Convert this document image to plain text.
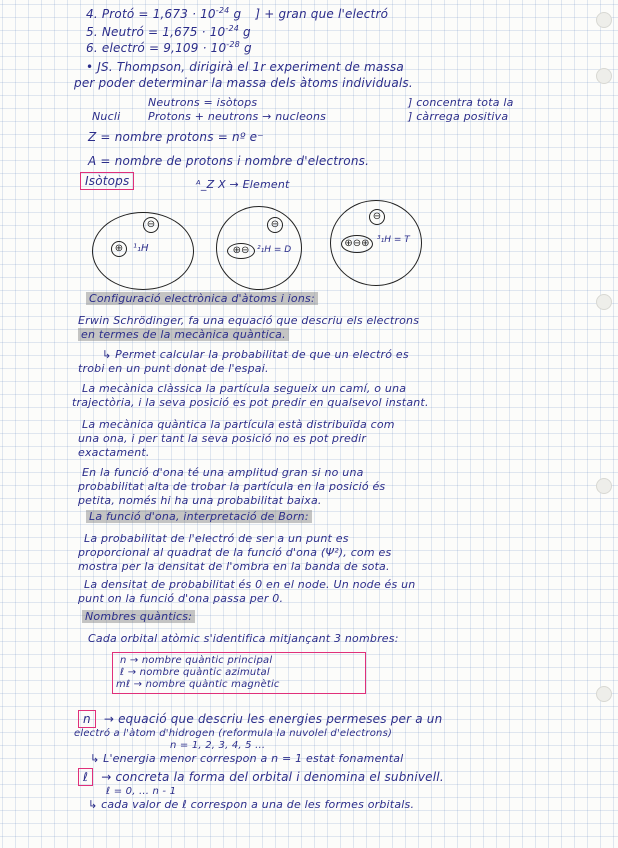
4. Protó = $1,673 \cdot 10^{-24}$ g ] + gran que l'electró
5. Neutró = $1,675 \cdot 10^{-24}$ g
6. electró = $9,109 \cdot 10^{-28}$ g
• JS. Thompson, dirigirà el 1r experiment de massa
per poder determinar la massa dels àtoms individuals.
Neutrons = isòtops	] concentra tota la
Nucli	Protons + neutrons → nucleons	] càrrega positiva
Z = nombre protons = nº e⁻
A = nombre de protons i nombre d'electrons.
Isòtops	ᴬ_Z X → Element
⊖
⊕ ¹₁H
⊖
⊕⊖ ²₁H = D
⊖
⊕⊖⊕ ³₁H = T
Configuració electrònica d'àtoms i ions:
Erwin Schrödinger, fa una equació que descriu els electrons
en termes de la mecànica quàntica.
↳ Permet calcular la probabilitat de que un electró es
trobi en un punt donat de l'espai.
La mecànica clàssica la partícula segueix un camí, o una
trajectòria, i la seva posició es pot predir en qualsevol instant.
La mecànica quàntica la partícula està distribuïda com
una ona, i per tant la seva posició no es pot predir
exactament.
En la funció d'ona té una amplitud gran si no una
probabilitat alta de trobar la partícula en la posició és
petita, només hi ha una probabilitat baixa.
La funció d'ona, interpretació de Born:
La probabilitat de l'electró de ser a un punt es
proporcional al quadrat de la funció d'ona (Ψ²), com es
mostra per la densitat de l'ombra en la banda de sota.
La densitat de probabilitat és 0 en el node. Un node és un
punt on la funció d'ona passa per 0.
Nombres quàntics:
Cada orbital atòmic s'identifica mitjançant 3 nombres:
n → nombre quàntic principal
ℓ → nombre quàntic azimutal
mℓ → nombre quàntic magnètic
n → equació que descriu les energies permeses per a un
electró a l'àtom d'hidrogen (reformula la nuvolel d'electrons)
n = 1, 2, 3, 4, 5 ...
↳ L'energia menor correspon a n = 1 estat fonamental
ℓ → concreta la forma del orbital i denomina el subnivell.
ℓ = 0, ... n - 1
↳ cada valor de ℓ correspon a una de les formes orbitals.
